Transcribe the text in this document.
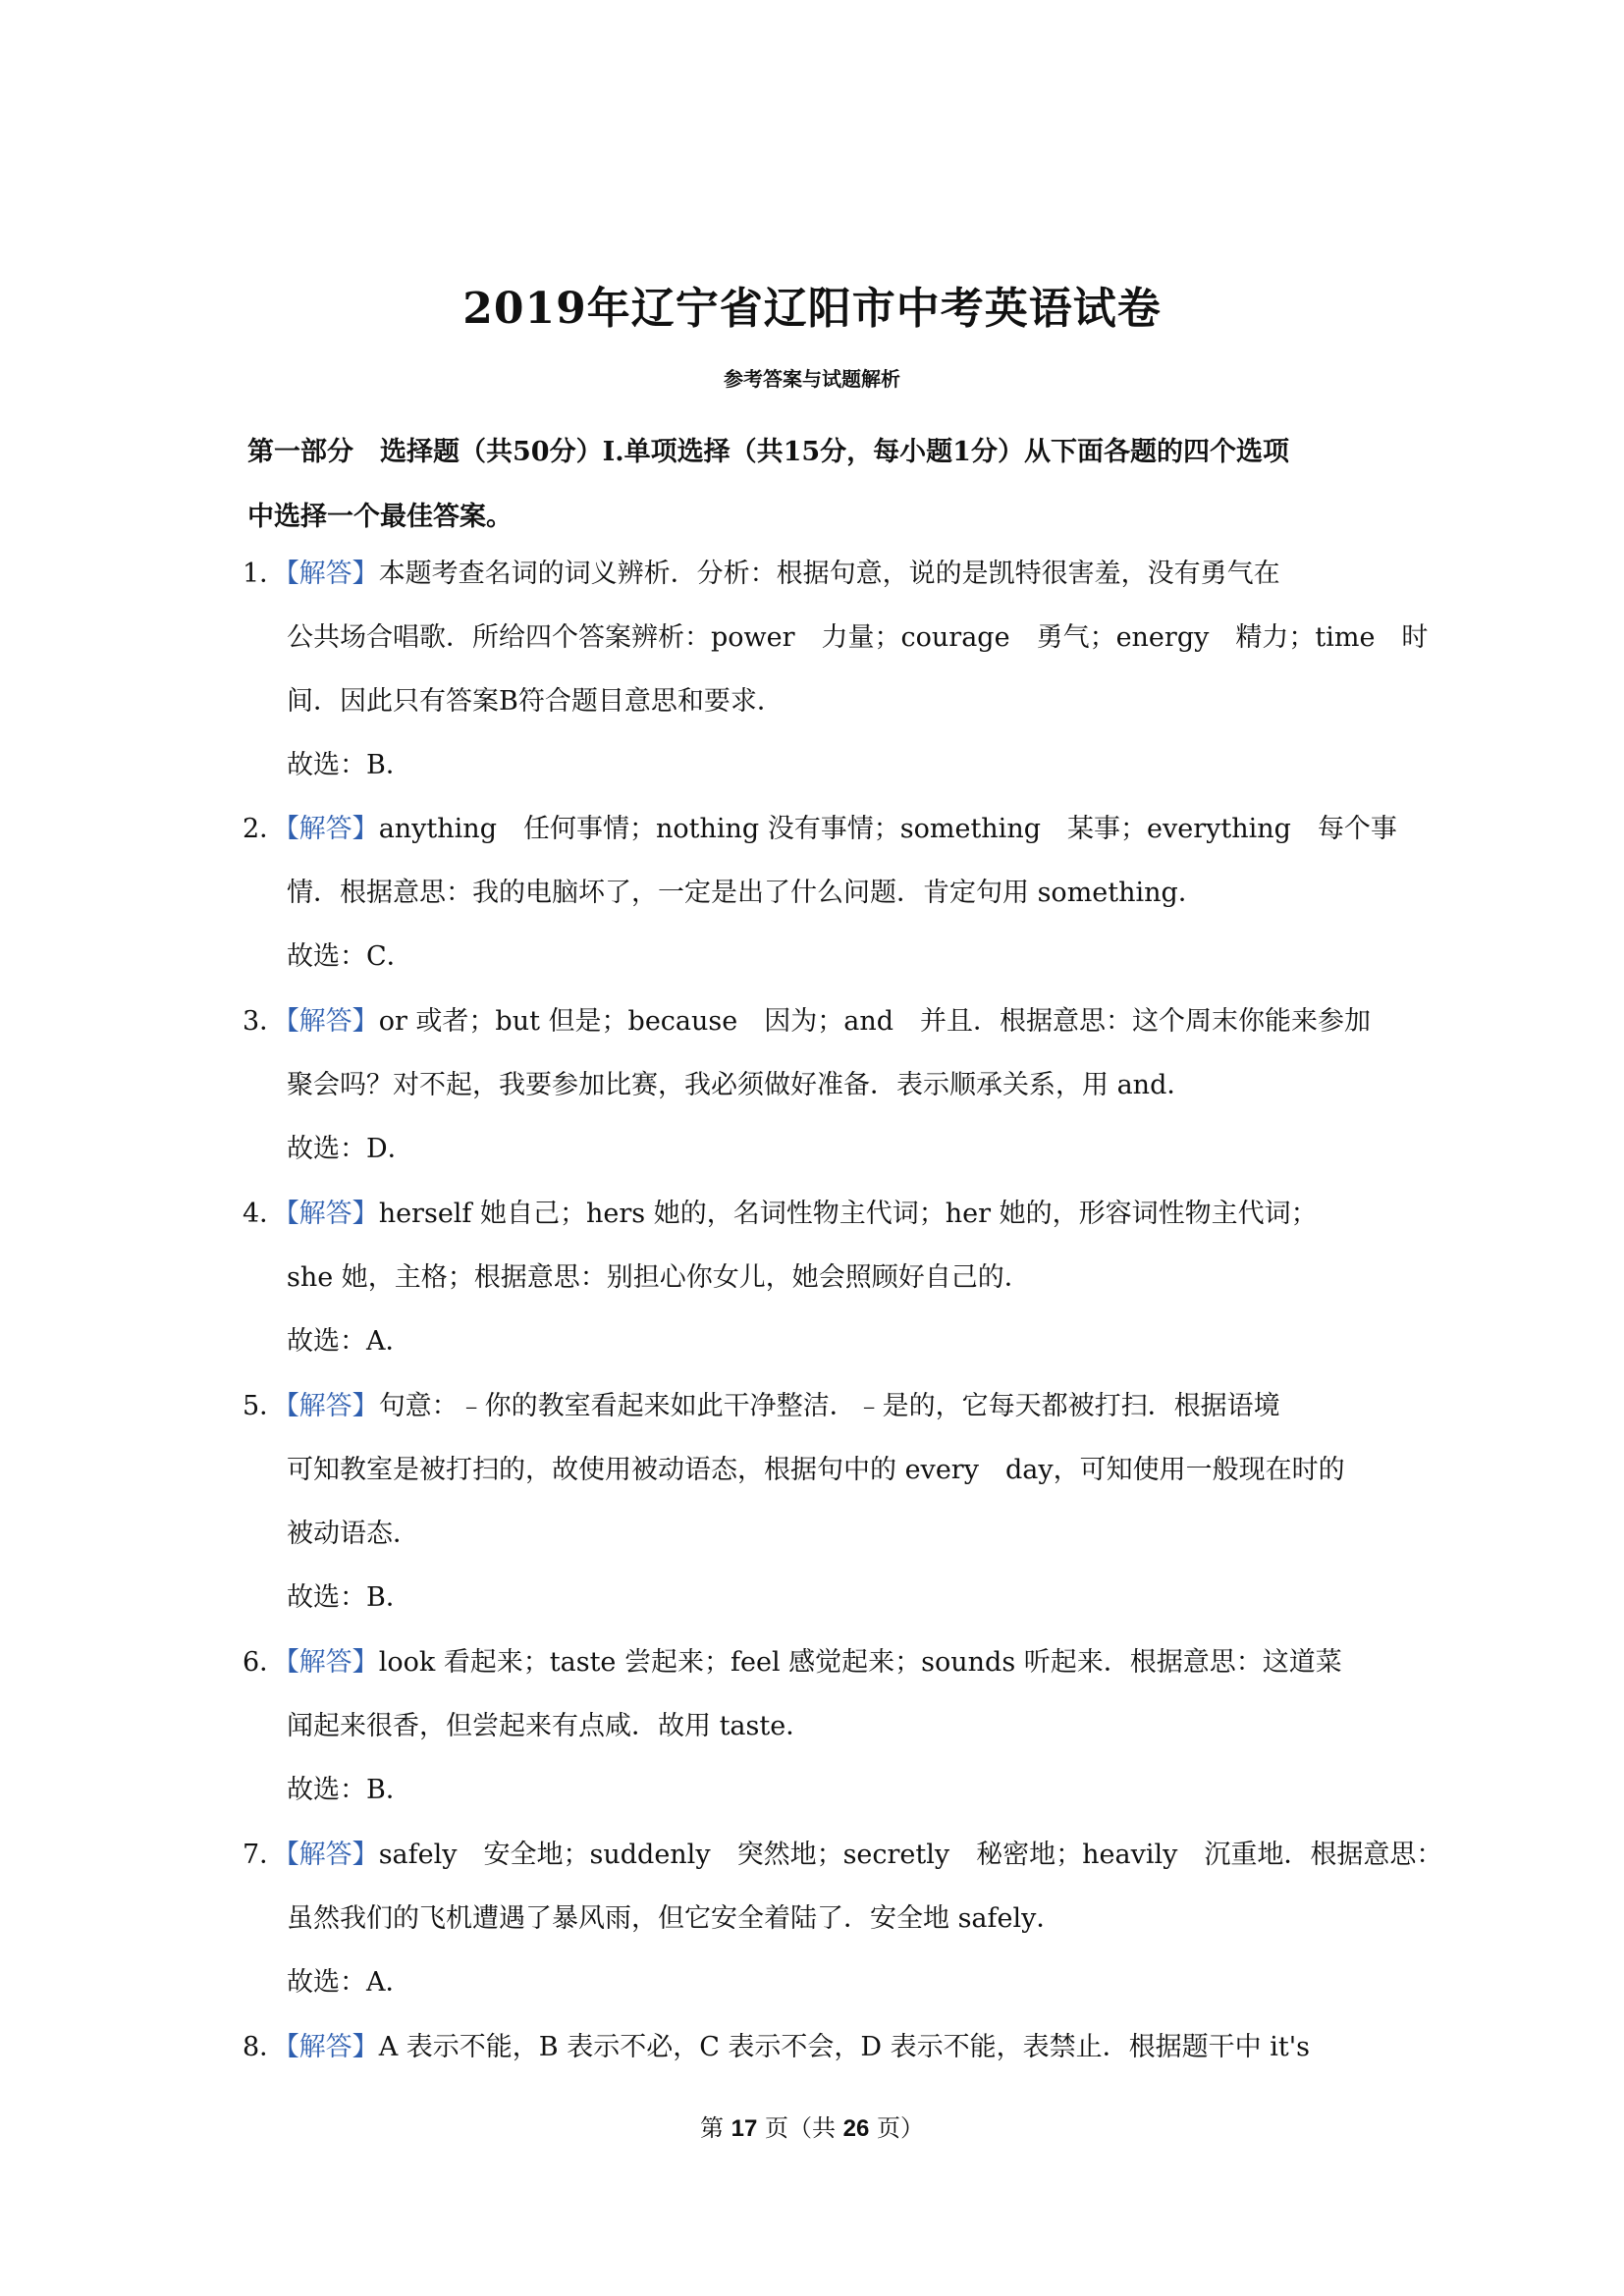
2019年辽宁省辽阳市中考英语试卷
参考答案与试题解析
第一部分　选择题（共50分）I.单项选择（共15分，每小题1分）从下面各题的四个选项
中选择一个最佳答案。
1．【解答】本题考查名词的词义辨析．分析：根据句意，说的是凯特很害羞，没有勇气在
公共场合唱歌．所给四个答案辨析：power　力量；courage　勇气；energy　精力；time　时
间．因此只有答案B符合题目意思和要求．
故选：B．
2．【解答】anything　任何事情；nothing 没有事情；something　某事；everything　每个事
情．根据意思：我的电脑坏了，一定是出了什么问题．肯定句用 something．
故选：C．
3．【解答】or 或者；but 但是；because　因为；and　并且．根据意思：这个周末你能来参加
聚会吗？对不起，我要参加比赛，我必须做好准备．表示顺承关系，用 and．
故选：D．
4．【解答】herself 她自己；hers 她的，名词性物主代词；her 她的，形容词性物主代词；
she 她，主格；根据意思：别担心你女儿，她会照顾好自己的．
故选：A．
5．【解答】句意：﹣你的教室看起来如此干净整洁．﹣是的，它每天都被打扫．根据语境
可知教室是被打扫的，故使用被动语态，根据句中的 every　day，可知使用一般现在时的
被动语态．
故选：B．
6．【解答】look 看起来；taste 尝起来；feel 感觉起来；sounds 听起来．根据意思：这道菜
闻起来很香，但尝起来有点咸．故用 taste．
故选：B．
7．【解答】safely　安全地；suddenly　突然地；secretly　秘密地；heavily　沉重地．根据意思：
虽然我们的飞机遭遇了暴风雨，但它安全着陆了．安全地 safely．
故选：A．
8．【解答】A 表示不能，B 表示不必，C 表示不会，D 表示不能，表禁止．根据题干中 it's
第 17 页（共 26 页）
